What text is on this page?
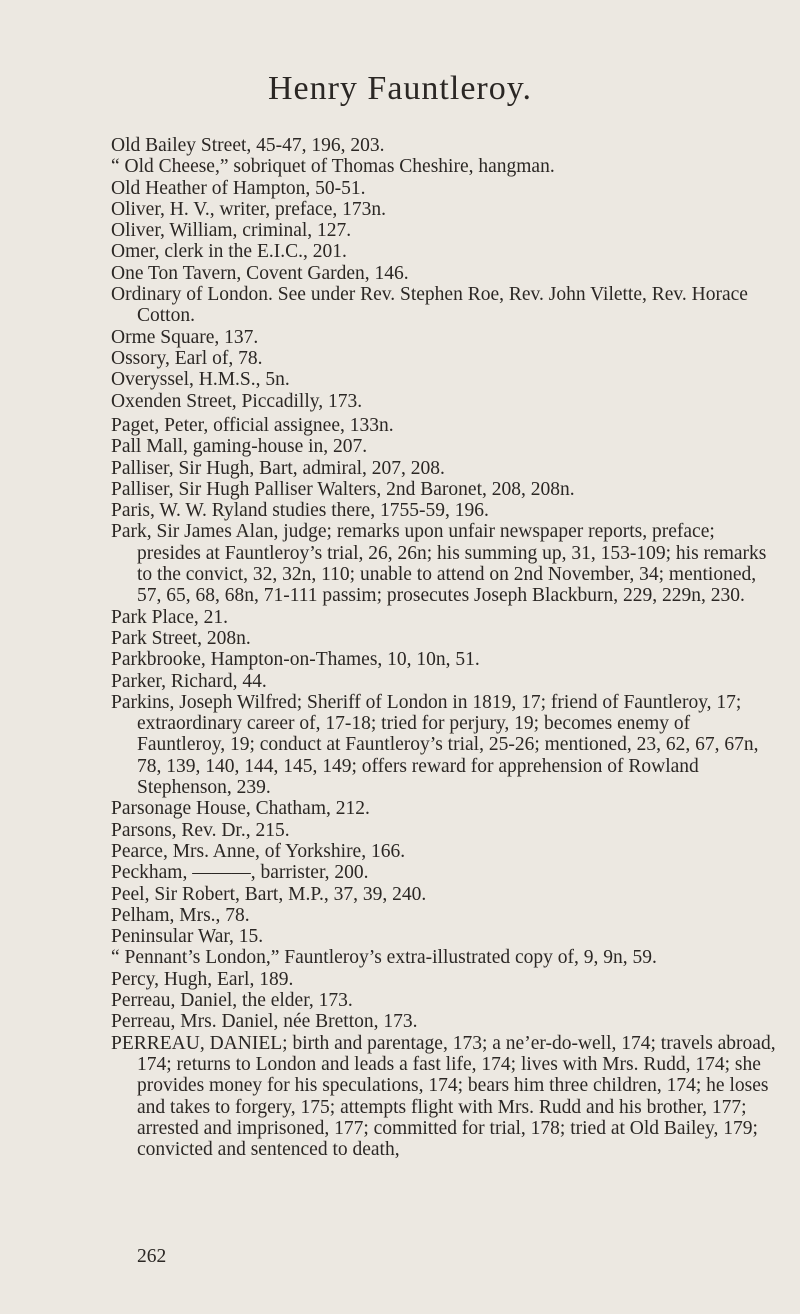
Henry Fauntleroy.

Old Bailey Street, 45-47, 196, 203.

“ Old Cheese,” sobriquet of Thomas Cheshire, hangman.

Old Heather of Hampton, 50-51.

Oliver, H. V., writer, preface, 173n.

Oliver, William, criminal, 127.

Omer, clerk in the E.I.C., 201.

One Ton Tavern, Covent Garden, 146.

Ordinary of London. See under Rev. Stephen Roe, Rev. John Vilette, Rev. Horace Cotton.

Orme Square, 137.

Ossory, Earl of, 78.

Overyssel, H.M.S., 5n.

Oxenden Street, Piccadilly, 173.

Paget, Peter, official assignee, 133n.

Pall Mall, gaming-house in, 207.

Palliser, Sir Hugh, Bart, admiral, 207, 208.

Palliser, Sir Hugh Palliser Walters, 2nd Baronet, 208, 208n.

Paris, W. W. Ryland studies there, 1755-59, 196.

Park, Sir James Alan, judge; remarks upon unfair newspaper reports, preface; presides at Fauntleroy’s trial, 26, 26n; his summing up, 31, 153-109; his remarks to the convict, 32, 32n, 110; unable to attend on 2nd November, 34; mentioned, 57, 65, 68, 68n, 71-111 passim; prosecutes Joseph Blackburn, 229, 229n, 230.

Park Place, 21.

Park Street, 208n.

Parkbrooke, Hampton-on-Thames, 10, 10n, 51.

Parker, Richard, 44.

Parkins, Joseph Wilfred; Sheriff of London in 1819, 17; friend of Fauntleroy, 17; extraordinary career of, 17-18; tried for perjury, 19; becomes enemy of Fauntleroy, 19; conduct at Fauntleroy’s trial, 25-26; mentioned, 23, 62, 67, 67n, 78, 139, 140, 144, 145, 149; offers reward for apprehension of Rowland Stephenson, 239.

Parsonage House, Chatham, 212.

Parsons, Rev. Dr., 215.

Pearce, Mrs. Anne, of Yorkshire, 166.

Peckham, ———, barrister, 200.

Peel, Sir Robert, Bart, M.P., 37, 39, 240.

Pelham, Mrs., 78.

Peninsular War, 15.

“ Pennant’s London,” Fauntleroy’s extra-illustrated copy of, 9, 9n, 59.

Percy, Hugh, Earl, 189.

Perreau, Daniel, the elder, 173.

Perreau, Mrs. Daniel, née Bretton, 173.

PERREAU, DANIEL; birth and parentage, 173; a ne’er-do-well, 174; travels abroad, 174; returns to London and leads a fast life, 174; lives with Mrs. Rudd, 174; she provides money for his speculations, 174; bears him three children, 174; he loses and takes to forgery, 175; attempts flight with Mrs. Rudd and his brother, 177; arrested and imprisoned, 177; committed for trial, 178; tried at Old Bailey, 179; convicted and sentenced to death,

262
